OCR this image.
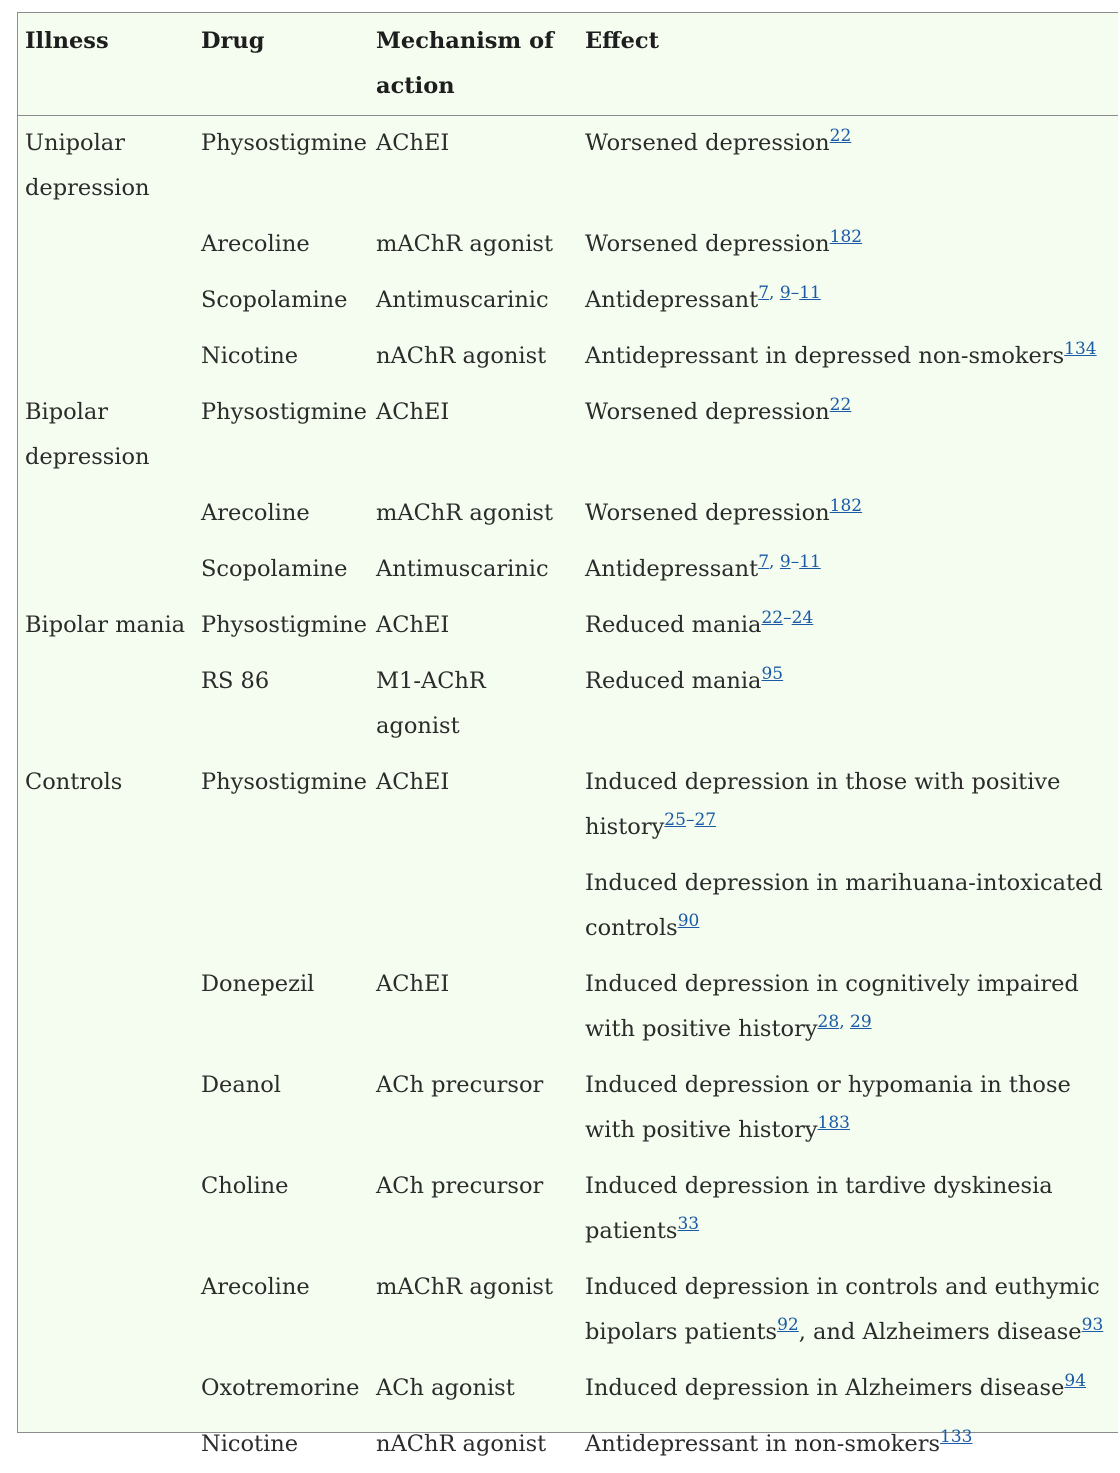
Illness	Drug	Mechanism of action	Effect
Unipolar depression	Physostigmine	AChEI	Worsened depression$^{22}$
	Arecoline	mAChR agonist	Worsened depression$^{182}$
	Scopolamine	Antimuscarinic	Antidepressant$^{7, 9-11}$
	Nicotine	nAChR agonist	Antidepressant in depressed non-smokers$^{134}$
Bipolar depression	Physostigmine	AChEI	Worsened depression$^{22}$
	Arecoline	mAChR agonist	Worsened depression$^{182}$
	Scopolamine	Antimuscarinic	Antidepressant$^{7, 9-11}$
Bipolar mania	Physostigmine	AChEI	Reduced mania$^{22-24}$
	RS 86	M1-AChR agonist	Reduced mania$^{95}$
Controls	Physostigmine	AChEI	Induced depression in those with positive history$^{25-27}$
			Induced depression in marihuana-intoxicated controls$^{90}$
	Donepezil	AChEI	Induced depression in cognitively impaired with positive history$^{28, 29}$
	Deanol	ACh precursor	Induced depression or hypomania in those with positive history$^{183}$
	Choline	ACh precursor	Induced depression in tardive dyskinesia patients$^{33}$
	Arecoline	mAChR agonist	Induced depression in controls and euthymic bipolars patients$^{92}$, and Alzheimers disease$^{93}$
	Oxotremorine	ACh agonist	Induced depression in Alzheimers disease$^{94}$
	Nicotine	nAChR agonist	Antidepressant in non-smokers$^{133}$
